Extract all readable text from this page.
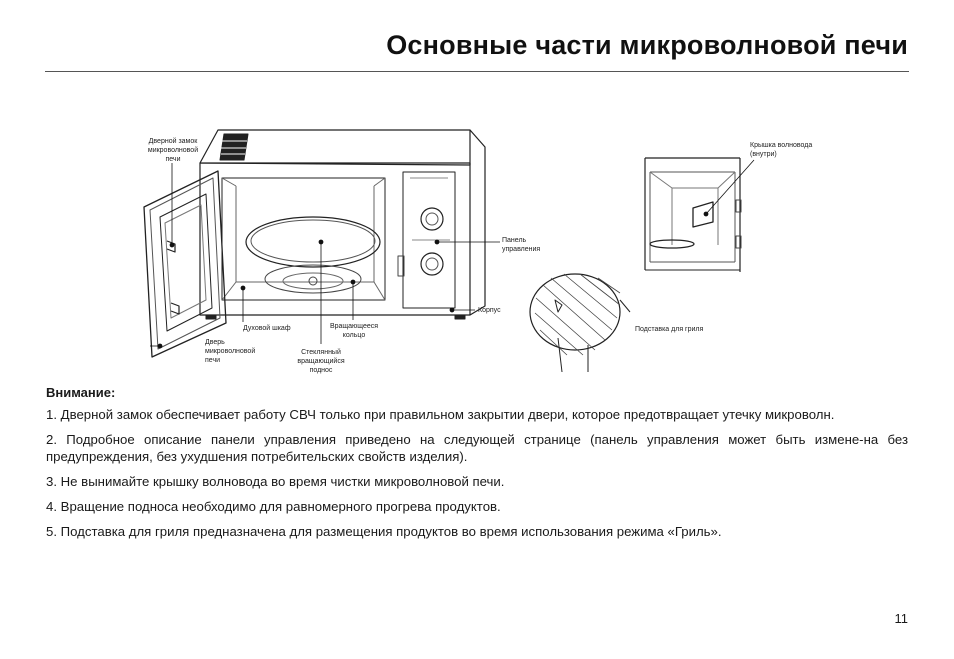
Основные части микроволновой печи
Дверной замок
микроволновой
печи
Дверь
микроволновой
печи
Духовой шкаф	Вращающееся
кольцо
Стеклянный
вращающийся
поднос
Панель
управления
Корпус
Крышка волновода
(внутри)
Подставка для гриля

Внимание:

1. Дверной замок обеспечивает работу СВЧ только при правильном закрытии двери, которое предотвращает утечку микроволн.
2. Подробное описание панели управления приведено на следующей странице (панель управления может быть измене-на без предупреждения, без ухудшения потребительских свойств изделия).
3. Не вынимайте крышку волновода во время чистки микроволновой печи.
4. Вращение подноса необходимо для равномерного прогрева продуктов.
5. Подставка для гриля предназначена для размещения продуктов во время использования режима «Гриль».
11
